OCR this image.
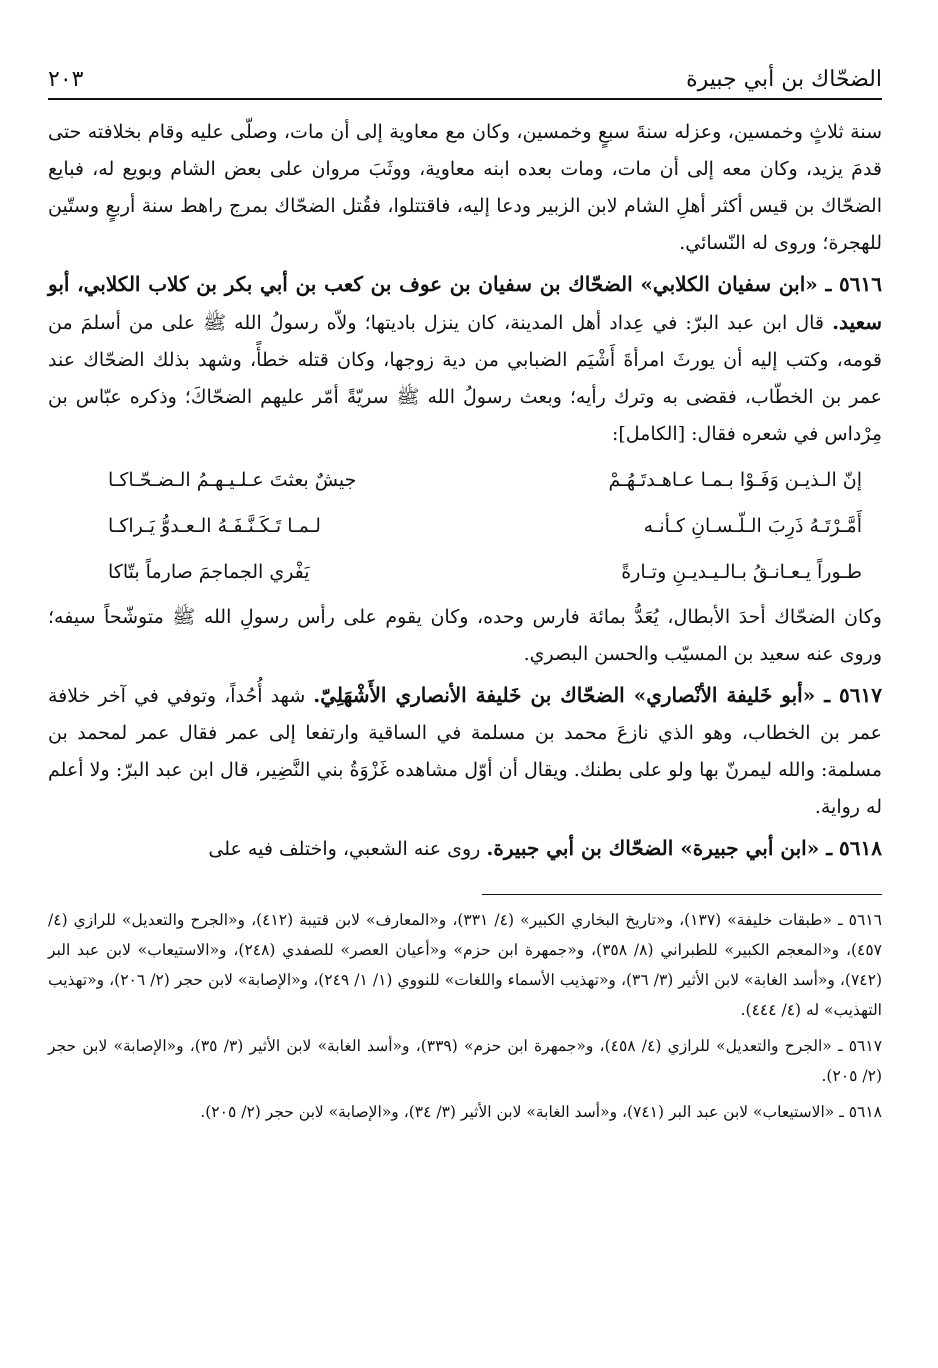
الضحّاك بن أبي جبيرة
٢٠٣

سنة ثلاثٍ وخمسين، وعزله سنةَ سبعٍ وخمسين، وكان مع معاوية إلى أن مات، وصلّى عليه وقام بخلافته حتى قدمَ يزيد، وكان معه إلى أن مات، ومات بعده ابنه معاوية، ووثَبَ مروان على بعض الشام وبويع له، فبايع الضحّاك بن قيس أكثر أهلِ الشام لابن الزبير ودعا إليه، فاقتتلوا، فقُتل الضحّاك بمرج راهط سنة أربعٍ وستّين للهجرة؛ وروى له النّسائي.

٥٦١٦ ـ «ابن سفيان الكلابي» الضحّاك بن سفيان بن عوف بن كعب بن أبي بكر بن كلاب الكلابي، أبو سعيد. قال ابن عبد البرّ: في عِداد أهل المدينة، كان ينزل باديتها؛ ولاّه رسولُ الله ﷺ على من أسلمَ من قومه، وكتب إليه أن يورثَ امرأةَ أَشْيَم الضبابي من دية زوجها، وكان قتله خطأً، وشهد بذلك الضحّاك عند عمر بن الخطّاب، فقضى به وترك رأيه؛ وبعث رسولُ الله ﷺ سريّةً أمّر عليهم الضحّاكَ؛ وذكره عبّاس بن مِرْداس في شعره فقال: [الكامل]:

إنّ الـذيـن وَفَـوْا بـمـا عـاهـدتَـهُـمْ
جيشٌ بعثتَ عـلـيـهـمُ الـضـحّـاكـا
أَمَّـرْتَـهُ ذَرِبَ الـلّـسـانِ كـأنـه
لـمـا تَـكَـنَّـفَـهُ الـعـدوُّ يَـراكـا
طـوراً يـعـانـقُ بـالـيـديـنِ وتـارةً
يَفْري الجماجمَ صارماً بتّاكا

وكان الضحّاك أحدَ الأبطال، يُعَدُّ بمائة فارس وحده، وكان يقوم على رأس رسولِ الله ﷺ متوشّحاً سيفه؛ وروى عنه سعيد بن المسيّب والحسن البصري.

٥٦١٧ ـ «أبو خَليفة الأنْصاري» الضحّاك بن خَليفة الأنصاري الأَشْهَلِيّ. شهد أُحُداً، وتوفي في آخر خلافة عمر بن الخطاب، وهو الذي نازعَ محمد بن مسلمة في الساقية وارتفعا إلى عمر فقال عمر لمحمد بن مسلمة: والله ليمرنّ بها ولو على بطنك. ويقال أن أوّل مشاهده غَزْوَةُ بني النَّضِير، قال ابن عبد البرّ: ولا أعلم له رواية.

٥٦١٨ ـ «ابن أبي جبيرة» الضحّاك بن أبي جبيرة. روى عنه الشعبي، واختلف فيه على

٥٦١٦ ـ «طبقات خليفة» (١٣٧)، و«تاريخ البخاري الكبير» (٤/ ٣٣١)، و«المعارف» لابن قتيبة (٤١٢)، و«الجرح والتعديل» للرازي (٤/ ٤٥٧)، و«المعجم الكبير» للطبراني (٨/ ٣٥٨)، و«جمهرة ابن حزم» و«أعيان العصر» للصفدي (٢٤٨)، و«الاستيعاب» لابن عبد البر (٧٤٢)، و«أسد الغابة» لابن الأثير (٣/ ٣٦)، و«تهذيب الأسماء واللغات» للنووي (١/ ١/ ٢٤٩)، و«الإصابة» لابن حجر (٢/ ٢٠٦)، و«تهذيب التهذيب» له (٤/ ٤٤٤).

٥٦١٧ ـ «الجرح والتعديل» للرازي (٤/ ٤٥٨)، و«جمهرة ابن حزم» (٣٣٩)، و«أسد الغابة» لابن الأثير (٣/ ٣٥)، و«الإصابة» لابن حجر (٢/ ٢٠٥).

٥٦١٨ ـ «الاستيعاب» لابن عبد البر (٧٤١)، و«أسد الغابة» لابن الأثير (٣/ ٣٤)، و«الإصابة» لابن حجر (٢/ ٢٠٥).
